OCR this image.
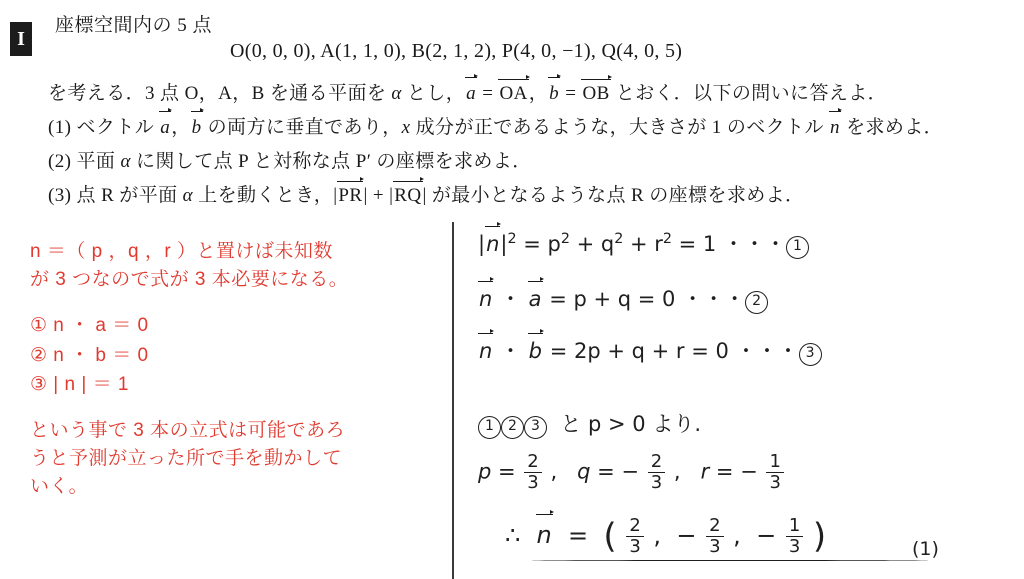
I
座標空間内の 5 点
O(0, 0, 0), A(1, 1, 0), B(2, 1, 2), P(4, 0, −1), Q(4, 0, 5)
を考える．3 点 O，A，B を通る平面を α とし，a = OA，b = OB とおく．以下の問いに答えよ．
(1) ベクトル a，b の両方に垂直であり，x 成分が正であるような，大きさが 1 のベクトル n を求めよ．
(2) 平面 α に関して点 P と対称な点 P′ の座標を求めよ．
(3) 点 R が平面 α 上を動くとき，|PR| + |RQ| が最小となるような点 R の座標を求めよ．

n ＝（ p ，q ，r ）と置けば未知数

が 3 つなので式が 3 本必要になる。

① n ・ a ＝ 0

② n ・ b ＝ 0

③ | n | ＝ 1

という事で 3 本の立式は可能であろ

うと予測が立った所で手を動かして

いく。

$|n|^2 = p^2 + q^2 + r^2 = 1$ ・・・ 1
n ・ a = p + q = 0 ・・・ 2
n ・ b = 2p + q + r = 0 ・・・ 3
1 2 3 と p > 0 より.
$p = \frac{2}{3}$ , q = − $\frac{2}{3}$ , r = − $\frac{1}{3}$
∴ n = ( $\frac{2}{3}$ , − $\frac{2}{3}$ , − $\frac{1}{3}$ )	(1)
